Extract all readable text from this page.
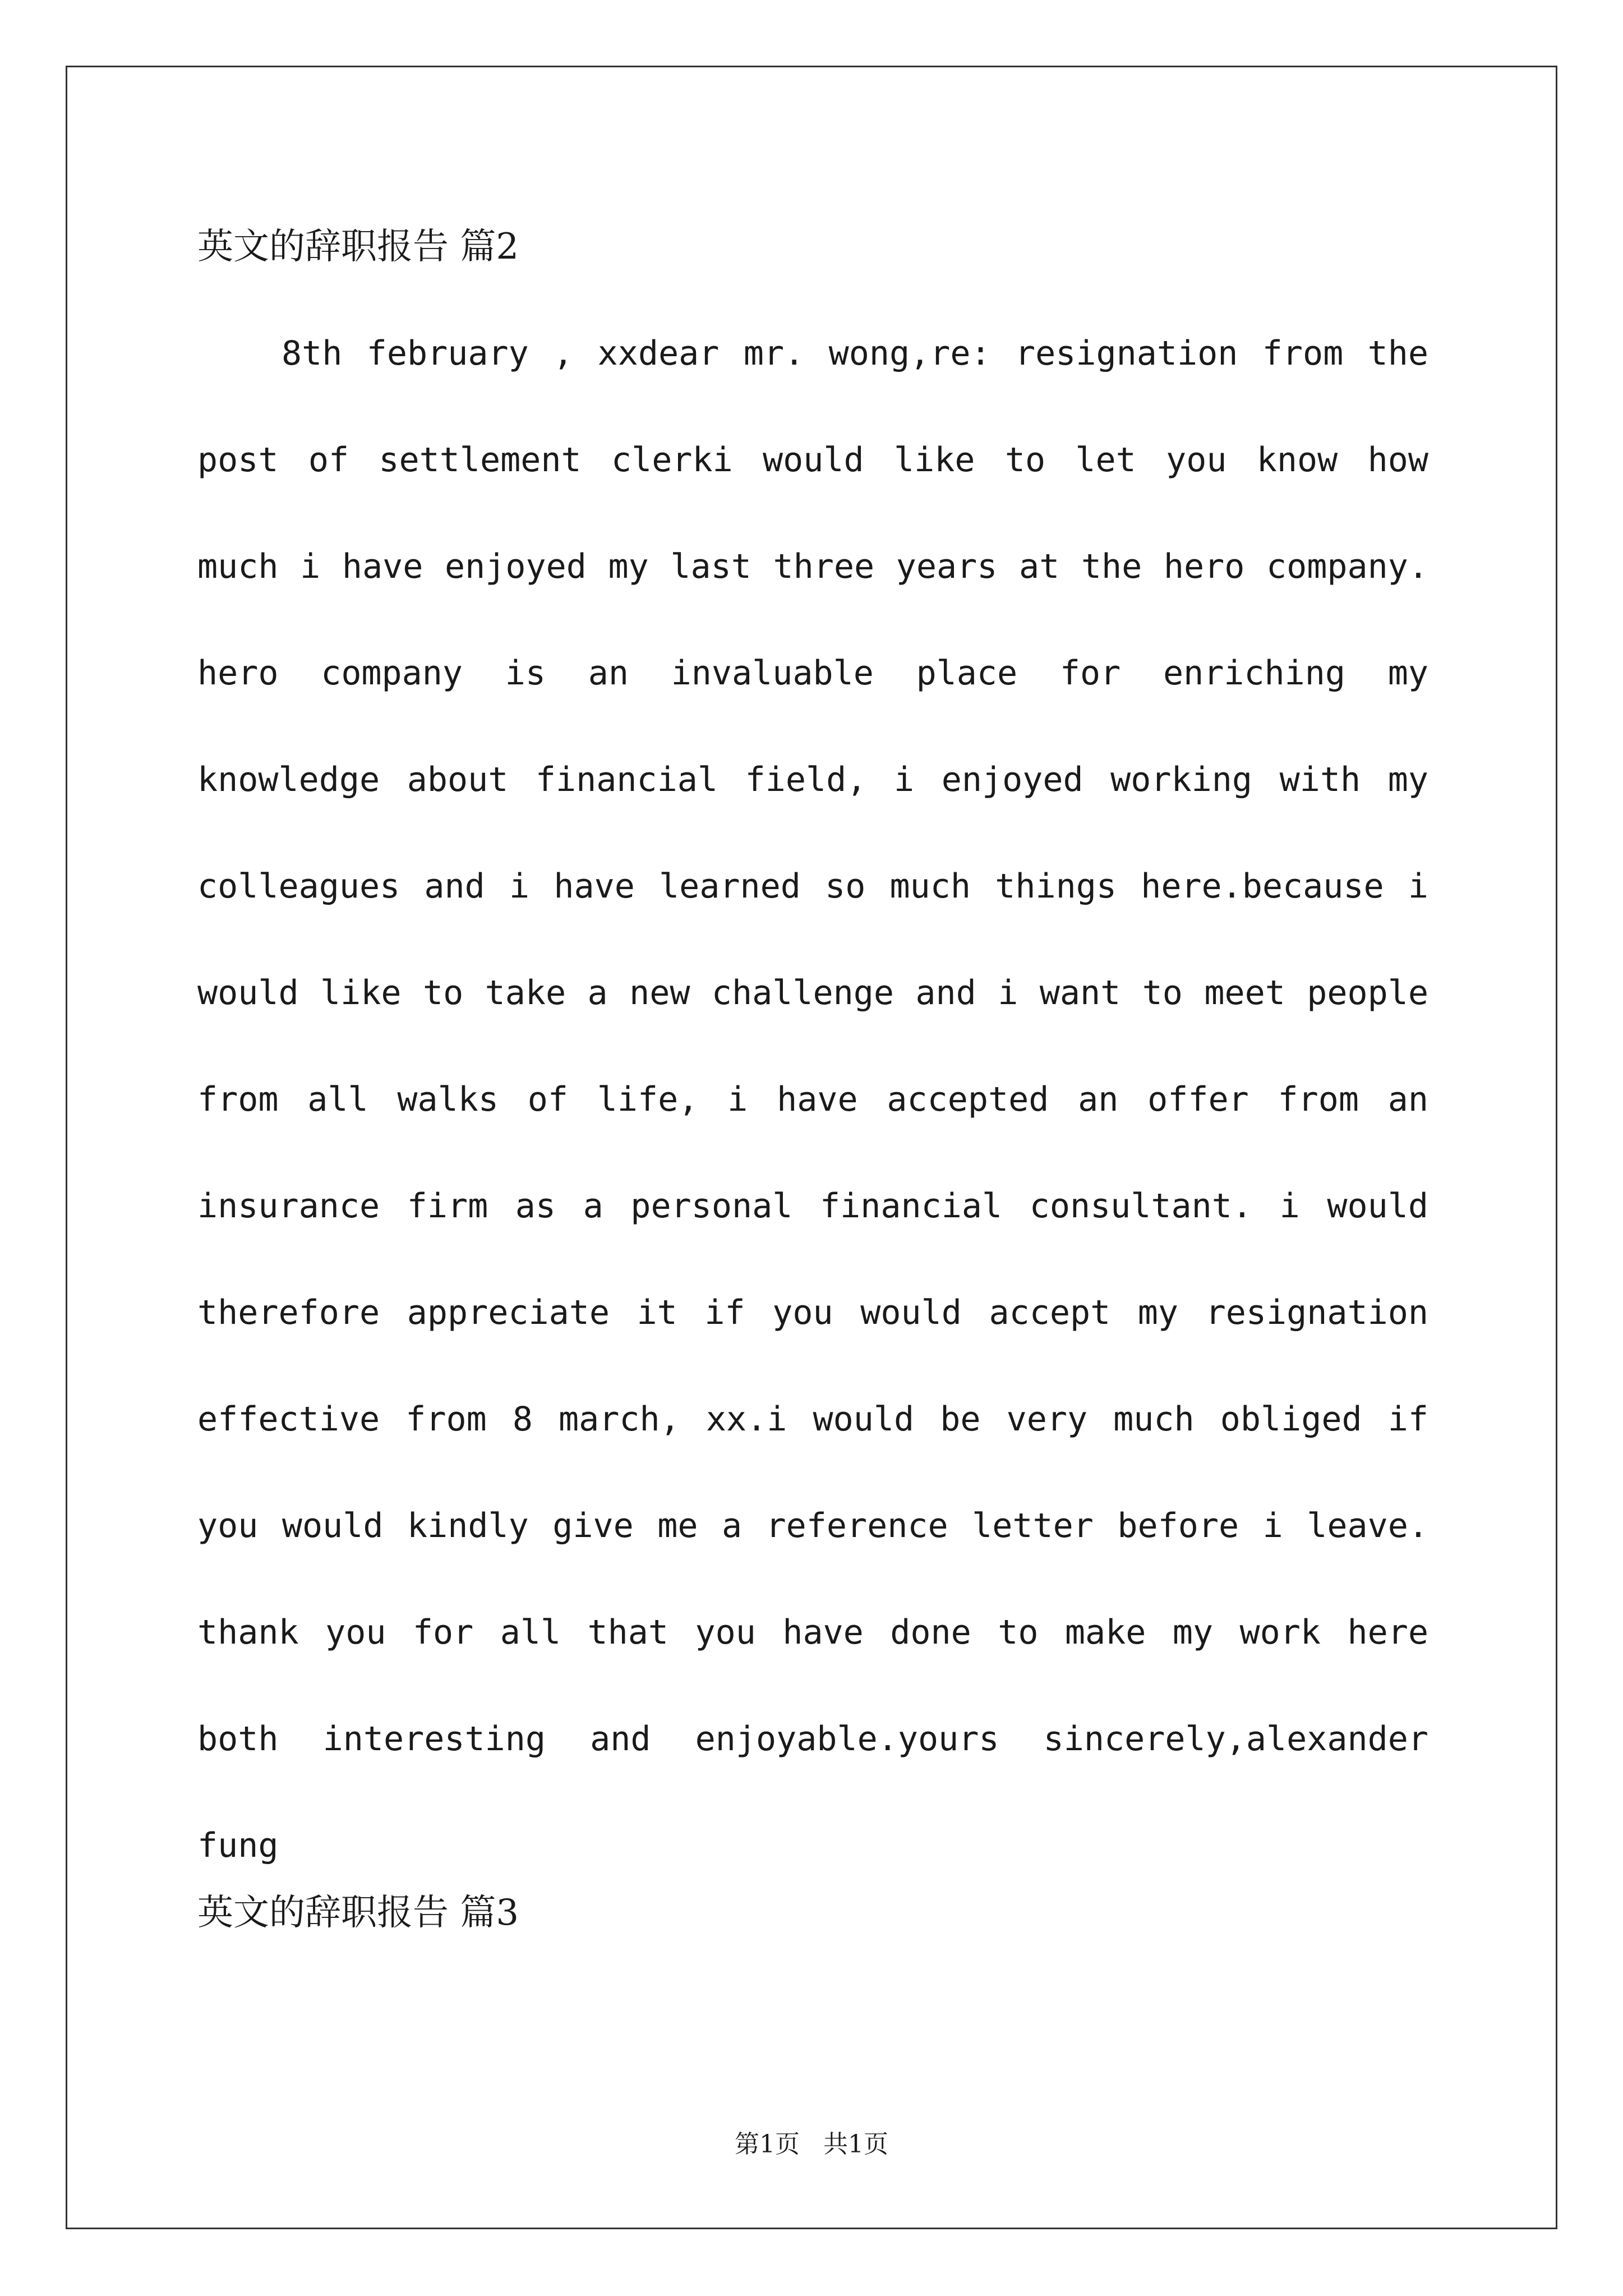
英文的辞职报告 篇2

8th february , xxdear mr. wong,re: resignation from the post of settlement clerki would like to let you know how much i have enjoyed my last three years at the hero company. hero company is an invaluable place for enriching my knowledge about financial field, i enjoyed working with my colleagues and i have learned so much things here.because i would like to take a new challenge and i want to meet people from all walks of life, i have accepted an offer from an insurance firm as a personal financial consultant. i would therefore appreciate it if you would accept my resignation effective from 8 march, xx.i would be very much obliged if you would kindly give me a reference letter before i leave. thank you for all that you have done to make my work here both interesting and enjoyable.yours sincerely,alexander fung

英文的辞职报告 篇3

第1页   共1页
